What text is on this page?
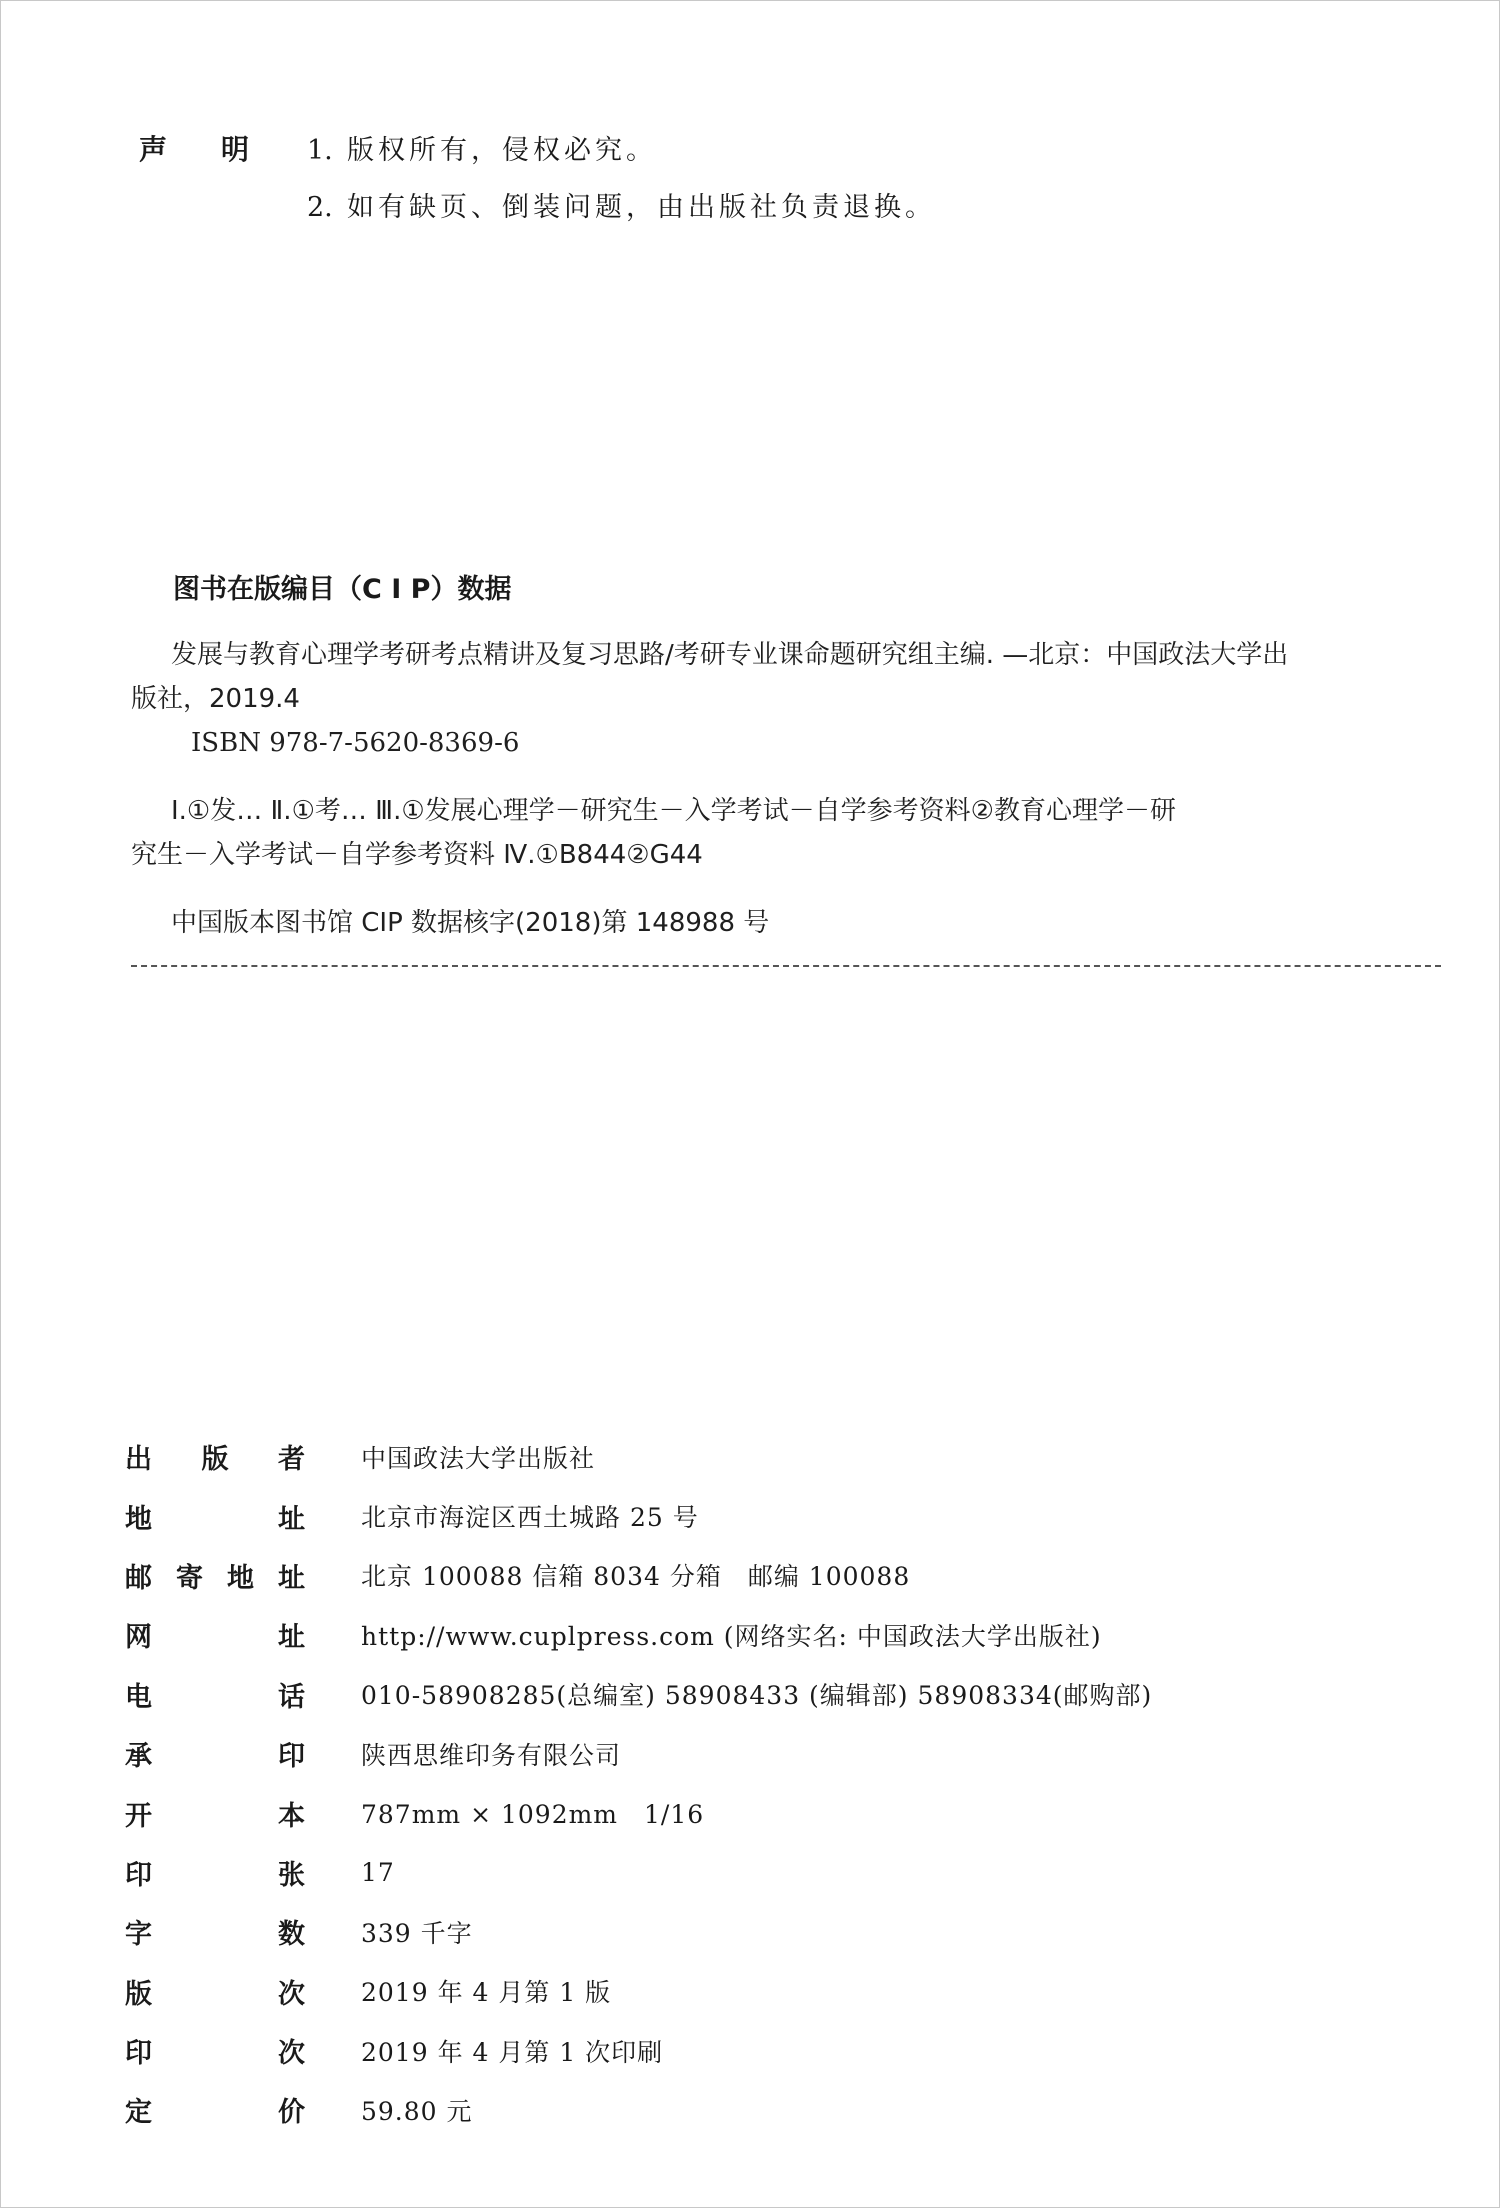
声明 1. 版权所有，侵权必究。
2. 如有缺页、倒装问题，由出版社负责退换。
图书在版编目（C I P）数据
发展与教育心理学考研考点精讲及复习思路/考研专业课命题研究组主编. —北京：中国政法大学出
版社，2019.4
ISBN 978-7-5620-8369-6
Ⅰ.①发… Ⅱ.①考… Ⅲ.①发展心理学－研究生－入学考试－自学参考资料②教育心理学－研
究生－入学考试－自学参考资料 Ⅳ.①B844②G44
中国版本图书馆 CIP 数据核字(2018)第 148988 号
出版者	中国政法大学出版社
地址	北京市海淀区西土城路 25 号
邮寄地址	北京 100088 信箱 8034 分箱　邮编 100088
网址	http://www.cuplpress.com (网络实名: 中国政法大学出版社)
电话	010-58908285(总编室) 58908433 (编辑部) 58908334(邮购部)
承印	陕西思维印务有限公司
开本	787mm × 1092mm　1/16
印张	17
字数	339 千字
版次	2019 年 4 月第 1 版
印次	2019 年 4 月第 1 次印刷
定价	59.80 元
